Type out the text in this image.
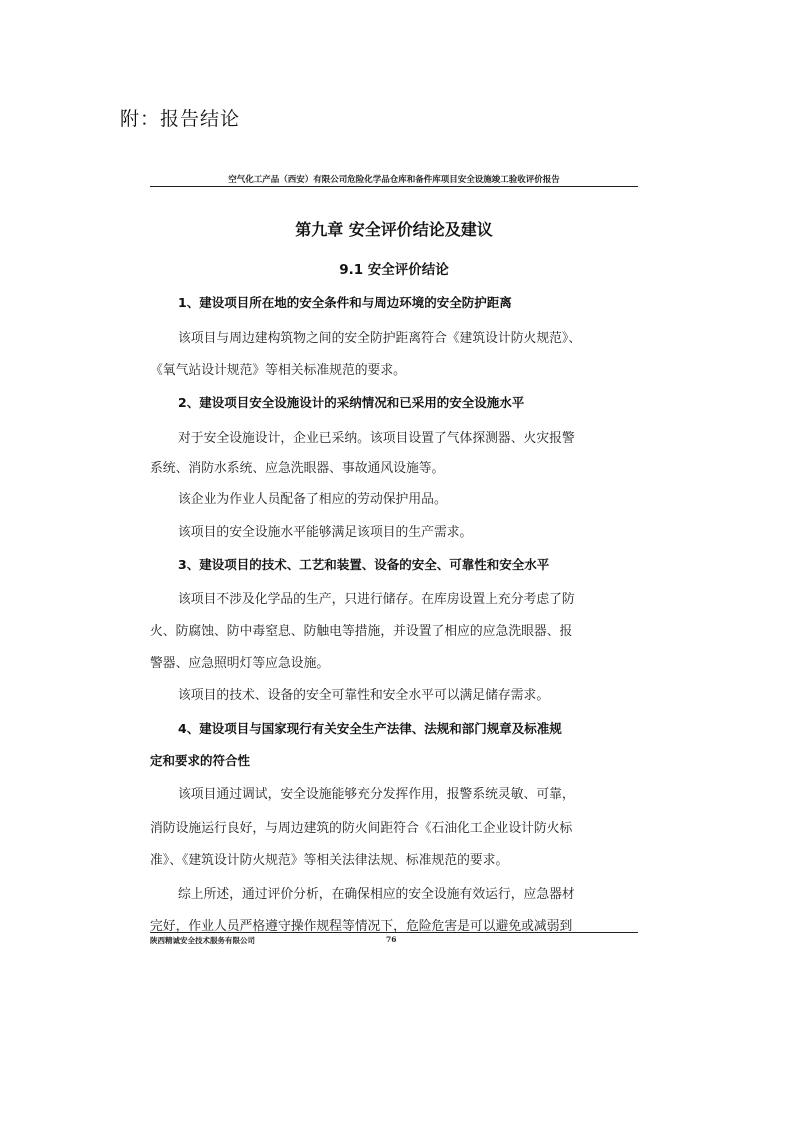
附：报告结论
空气化工产品（西安）有限公司危险化学品仓库和备件库项目安全设施竣工验收评价报告
第九章 安全评价结论及建议
9.1 安全评价结论
1、建设项目所在地的安全条件和与周边环境的安全防护距离
该项目与周边建构筑物之间的安全防护距离符合《建筑设计防火规范》、
《氧气站设计规范》等相关标准规范的要求。
2、建设项目安全设施设计的采纳情况和已采用的安全设施水平
对于安全设施设计，企业已采纳。该项目设置了气体探测器、火灾报警
系统、消防水系统、应急洗眼器、事故通风设施等。
该企业为作业人员配备了相应的劳动保护用品。
该项目的安全设施水平能够满足该项目的生产需求。
3、建设项目的技术、工艺和装置、设备的安全、可靠性和安全水平
该项目不涉及化学品的生产，只进行储存。在库房设置上充分考虑了防
火、防腐蚀、防中毒窒息、防触电等措施，并设置了相应的应急洗眼器、报
警器、应急照明灯等应急设施。
该项目的技术、设备的安全可靠性和安全水平可以满足储存需求。
4、建设项目与国家现行有关安全生产法律、法规和部门规章及标准规
定和要求的符合性
该项目通过调试，安全设施能够充分发挥作用，报警系统灵敏、可靠，
消防设施运行良好，与周边建筑的防火间距符合《石油化工企业设计防火标
准》、《建筑设计防火规范》等相关法律法规、标准规范的要求。
综上所述，通过评价分析，在确保相应的安全设施有效运行，应急器材
完好，作业人员严格遵守操作规程等情况下，危险危害是可以避免或减弱到
陕西精诚安全技术服务有限公司	76
